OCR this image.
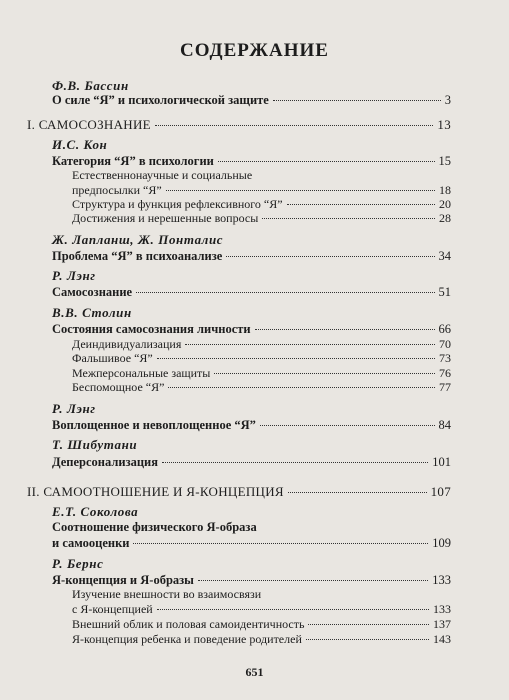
СОДЕРЖАНИЕ
Ф.В. Бассин
О силе “Я” и психологической защите	3
I. САМОСОЗНАНИЕ	13
И.С. Кон
Категория “Я” в психологии	15
Естественнонаучные и социальные
предпосылки “Я”	18
Структура и функция рефлексивного “Я”	20
Достижения и нерешенные вопросы	28
Ж. Лапланш, Ж. Понталис
Проблема “Я” в психоанализе	34
Р. Лэнг
Самосознание	51
В.В. Столин
Состояния самосознания личности	66
Деиндивидуализация	70
Фальшивое “Я”	73
Межперсональные защиты	76
Беспомощное “Я”	77
Р. Лэнг
Воплощенное и невоплощенное “Я”	84
Т. Шибутани
Деперсонализация	101
II. САМООТНОШЕНИЕ И Я-КОНЦЕПЦИЯ	107
Е.Т. Соколова
Соотношение физического Я-образа
и самооценки	109
Р. Бернс
Я-концепция и Я-образы	133
Изучение внешности во взаимосвязи
с Я-концепцией	133
Внешний облик и половая самоидентичность	137
Я-концепция ребенка и поведение родителей	143
651
